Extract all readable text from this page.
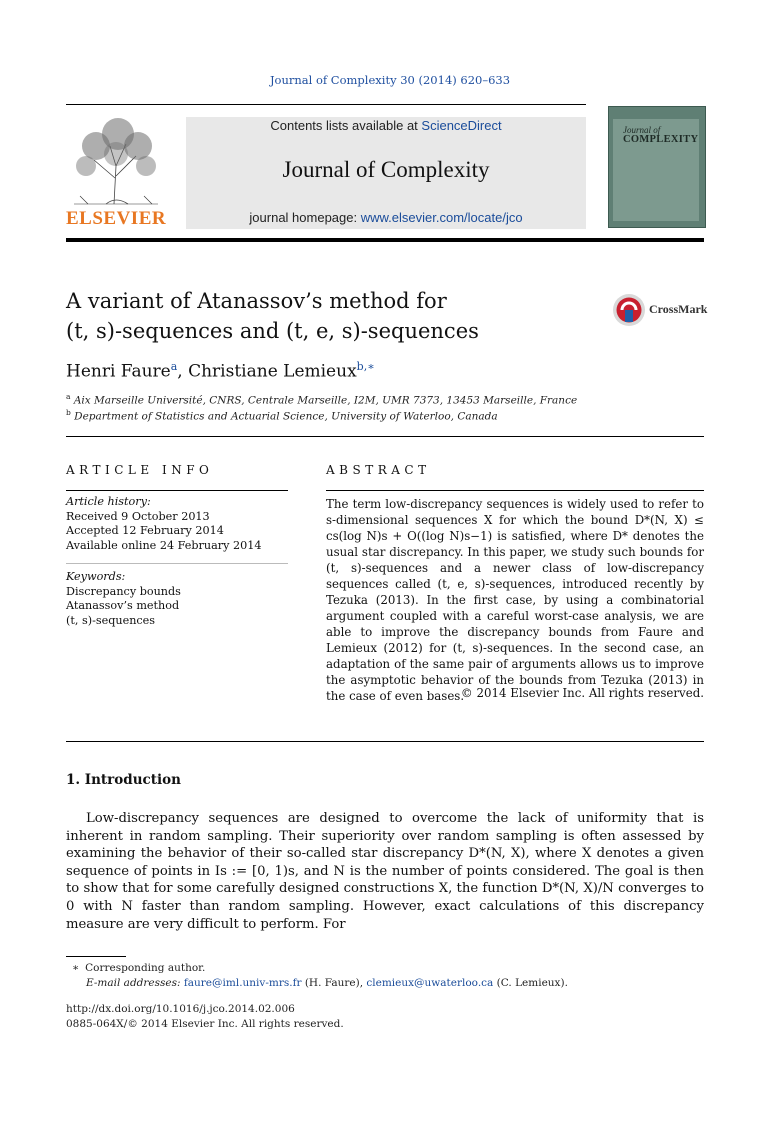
Journal of Complexity 30 (2014) 620–633
ELSEVIER
Contents lists available at ScienceDirect
Journal of Complexity
journal homepage: www.elsevier.com/locate/jco
Journal of
COMPLEXITY
A variant of Atanassov’s method for
(t, s)-sequences and (t, e, s)-sequences
CrossMark
Henri Faure$^a$, Christiane Lemieux$^{b,∗}$
$^a$ Aix Marseille Université, CNRS, Centrale Marseille, I2M, UMR 7373, 13453 Marseille, France
$^b$ Department of Statistics and Actuarial Science, University of Waterloo, Canada
ARTICLE INFO
Article history:
Received 9 October 2013
Accepted 12 February 2014
Available online 24 February 2014
Keywords:
Discrepancy bounds
Atanassov’s method
(t, s)-sequences
ABSTRACT
The term low-discrepancy sequences is widely used to refer to s-dimensional sequences X for which the bound D*(N, X) ≤ cs(log N)s + O((log N)s−1) is satisfied, where D* denotes the usual star discrepancy. In this paper, we study such bounds for (t, s)-sequences and a newer class of low-discrepancy sequences called (t, e, s)-sequences, introduced recently by Tezuka (2013). In the first case, by using a combinatorial argument coupled with a careful worst-case analysis, we are able to improve the discrepancy bounds from Faure and Lemieux (2012) for (t, s)-sequences. In the second case, an adaptation of the same pair of arguments allows us to improve the asymptotic behavior of the bounds from Tezuka (2013) in the case of even bases.
© 2014 Elsevier Inc. All rights reserved.
1. Introduction
Low-discrepancy sequences are designed to overcome the lack of uniformity that is inherent in random sampling. Their superiority over random sampling is often assessed by examining the behavior of their so-called star discrepancy D*(N, X), where X denotes a given sequence of points in Is := [0, 1)s, and N is the number of points considered. The goal is then to show that for some carefully designed constructions X, the function D*(N, X)/N converges to 0 with N faster than random sampling. However, exact calculations of this discrepancy measure are very difficult to perform. For
∗ Corresponding author.
E-mail addresses: faure@iml.univ-mrs.fr (H. Faure), clemieux@uwaterloo.ca (C. Lemieux).
http://dx.doi.org/10.1016/j.jco.2014.02.006
0885-064X/© 2014 Elsevier Inc. All rights reserved.
